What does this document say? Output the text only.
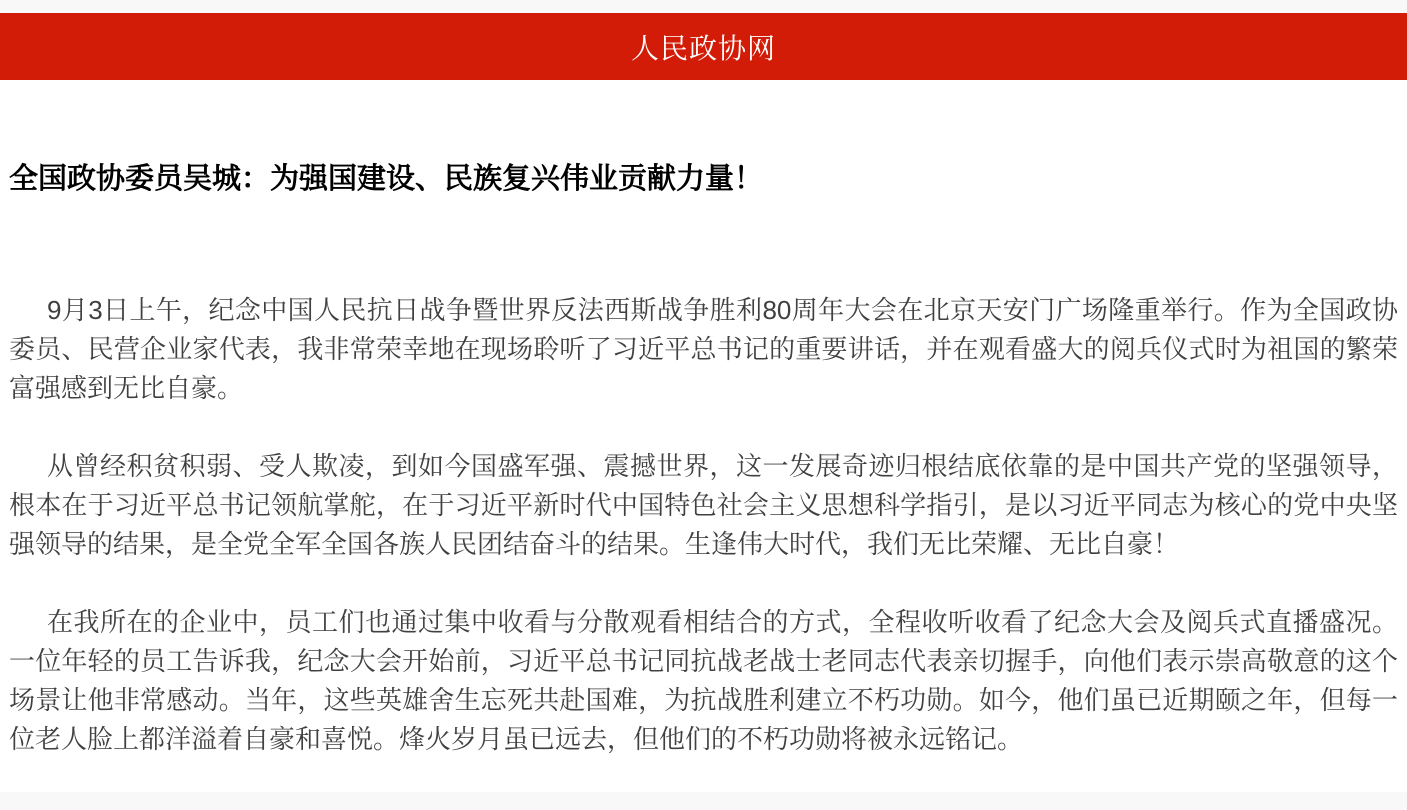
人民政协网
全国政协委员吴城：为强国建设、民族复兴伟业贡献力量！

9月3日上午，纪念中国人民抗日战争暨世界反法西斯战争胜利80周年大会在北京天安门广场隆重举行。作为全国政协委员、民营企业家代表，我非常荣幸地在现场聆听了习近平总书记的重要讲话，并在观看盛大的阅兵仪式时为祖国的繁荣富强感到无比自豪。

从曾经积贫积弱、受人欺凌，到如今国盛军强、震撼世界，这一发展奇迹归根结底依靠的是中国共产党的坚强领导，根本在于习近平总书记领航掌舵，在于习近平新时代中国特色社会主义思想科学指引，是以习近平同志为核心的党中央坚强领导的结果，是全党全军全国各族人民团结奋斗的结果。生逢伟大时代，我们无比荣耀、无比自豪！

在我所在的企业中，员工们也通过集中收看与分散观看相结合的方式，全程收听收看了纪念大会及阅兵式直播盛况。一位年轻的员工告诉我，纪念大会开始前，习近平总书记同抗战老战士老同志代表亲切握手，向他们表示崇高敬意的这个场景让他非常感动。当年，这些英雄舍生忘死共赴国难，为抗战胜利建立不朽功勋。如今，他们虽已近期颐之年，但每一位老人脸上都洋溢着自豪和喜悦。烽火岁月虽已远去，但他们的不朽功勋将被永远铭记。
